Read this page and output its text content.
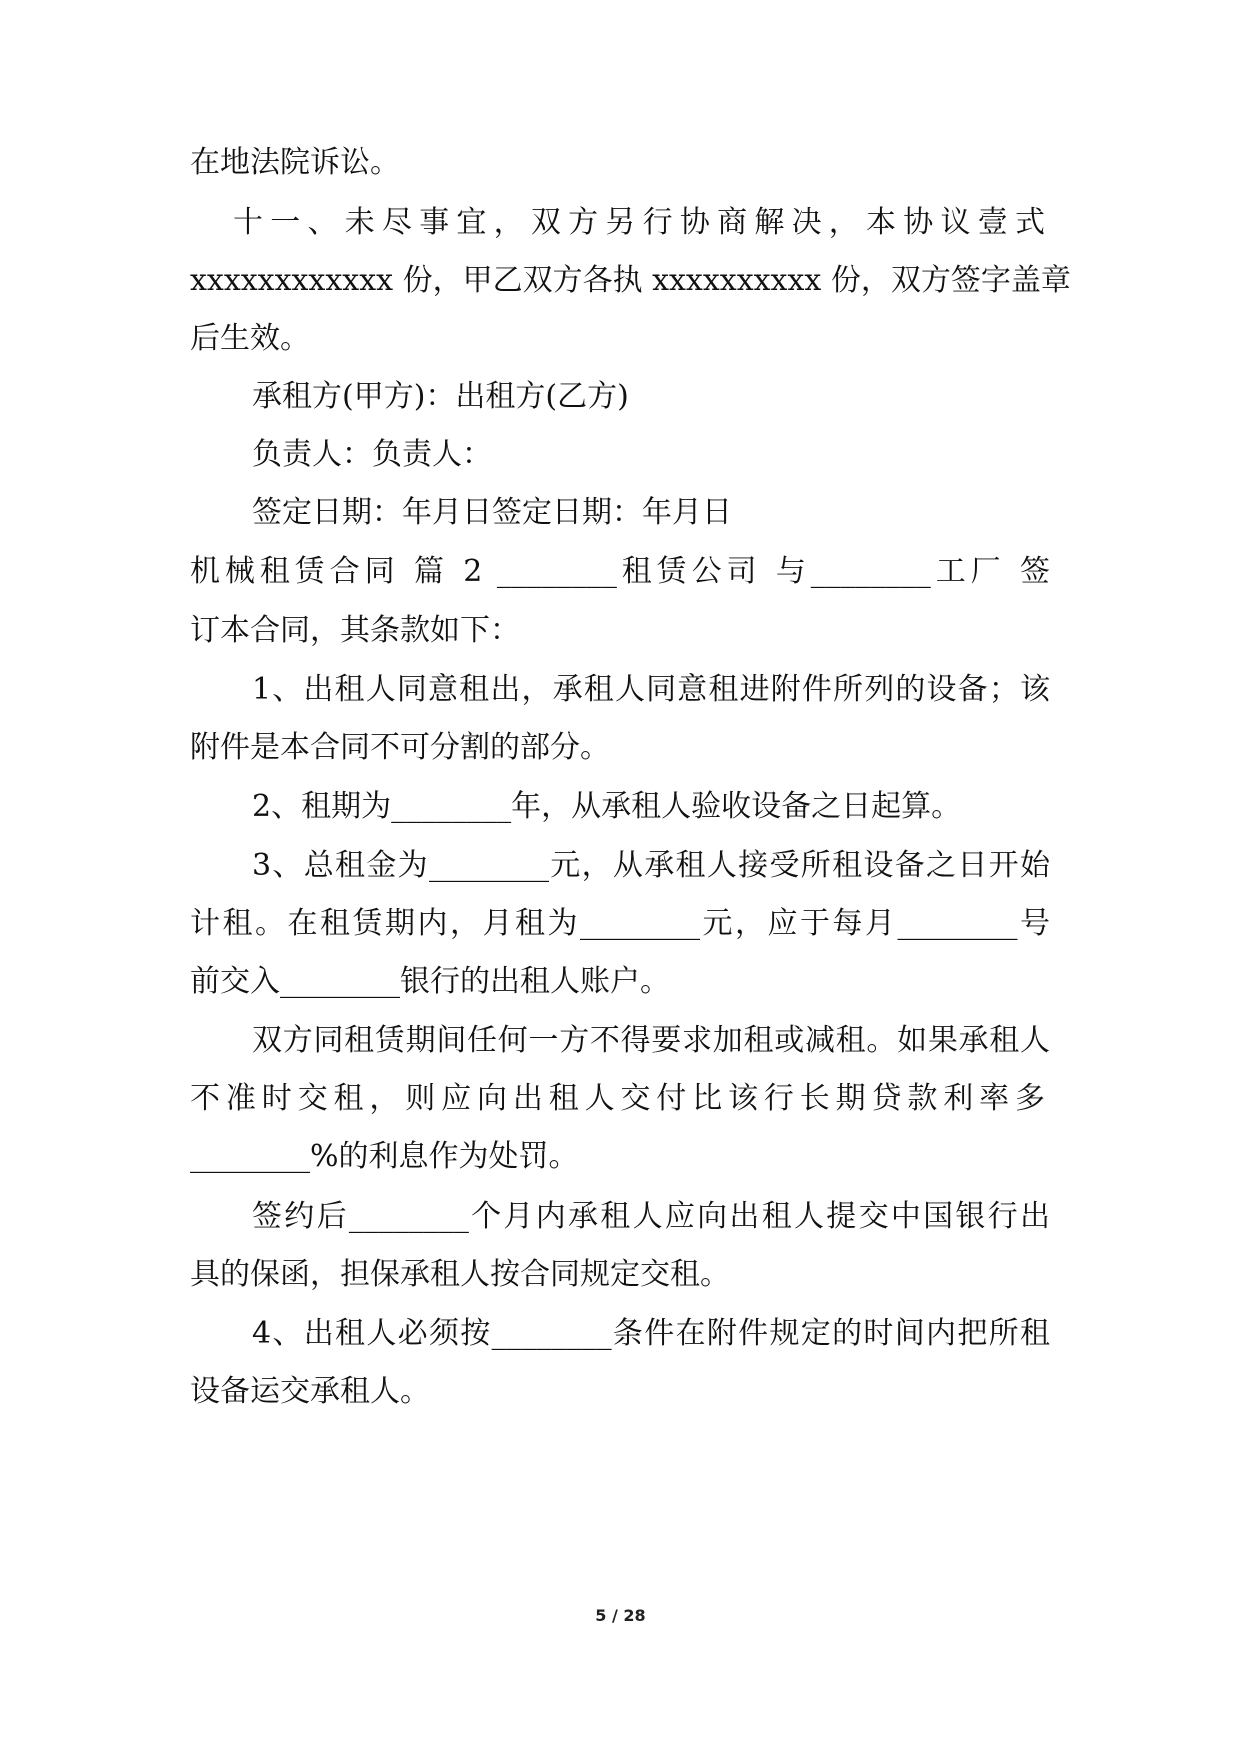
在地法院诉讼。
十一、未尽事宜，双方另行协商解决，本协议壹式
xxxxxxxxxxxx 份，甲乙双方各执 xxxxxxxxxx 份，双方签字盖章
后生效。
承租方(甲方)：出租方(乙方)
负责人：负责人：
签定日期：年月日签定日期：年月日
机械租赁合同 篇 2 ________租赁公司 与________工厂 签
订本合同，其条款如下：
1、出租人同意租出，承租人同意租进附件所列的设备；该
附件是本合同不可分割的部分。
2、租期为________年，从承租人验收设备之日起算。
3、总租金为________元，从承租人接受所租设备之日开始
计租。在租赁期内，月租为________元，应于每月________号
前交入________银行的出租人账户。
双方同租赁期间任何一方不得要求加租或减租。如果承租人
不准时交租，则应向出租人交付比该行长期贷款利率多
________%的利息作为处罚。
签约后________个月内承租人应向出租人提交中国银行出
具的保函，担保承租人按合同规定交租。
4、出租人必须按________条件在附件规定的时间内把所租
设备运交承租人。
5 / 28
